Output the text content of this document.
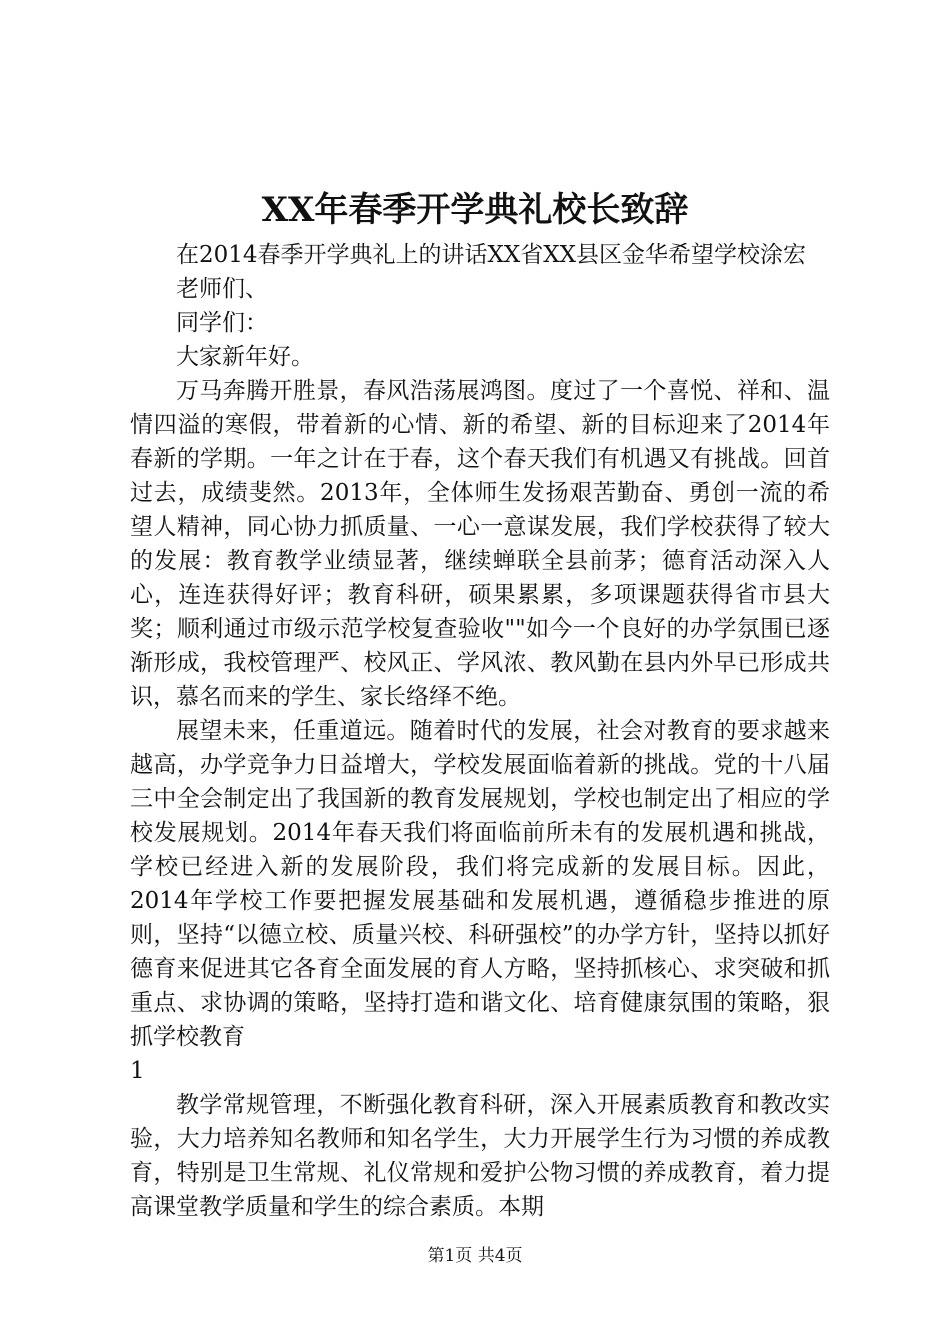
XX年春季开学典礼校长致辞

在2014春季开学典礼上的讲话XX省XX县区金华希望学校涂宏

老师们、

同学们：

大家新年好。

万马奔腾开胜景，春风浩荡展鸿图。度过了一个喜悦、祥和、温情四溢的寒假，带着新的心情、新的希望、新的目标迎来了2014年春新的学期。一年之计在于春，这个春天我们有机遇又有挑战。回首过去，成绩斐然。2013年，全体师生发扬艰苦勤奋、勇创一流的希望人精神，同心协力抓质量、一心一意谋发展，我们学校获得了较大的发展：教育教学业绩显著，继续蝉联全县前茅；德育活动深入人心，连连获得好评；教育科研，硕果累累，多项课题获得省市县大奖；顺利通过市级示范学校复查验收""如今一个良好的办学氛围已逐渐形成，我校管理严、校风正、学风浓、教风勤在县内外早已形成共识，慕名而来的学生、家长络绎不绝。

展望未来，任重道远。随着时代的发展，社会对教育的要求越来越高，办学竞争力日益增大，学校发展面临着新的挑战。党的十八届三中全会制定出了我国新的教育发展规划，学校也制定出了相应的学校发展规划。2014年春天我们将面临前所未有的发展机遇和挑战，学校已经进入新的发展阶段，我们将完成新的发展目标。因此，2014年学校工作要把握发展基础和发展机遇，遵循稳步推进的原则，坚持“以德立校、质量兴校、科研强校”的办学方针，坚持以抓好德育来促进其它各育全面发展的育人方略，坚持抓核心、求突破和抓重点、求协调的策略，坚持打造和谐文化、培育健康氛围的策略，狠抓学校教育

1

教学常规管理，不断强化教育科研，深入开展素质教育和教改实验，大力培养知名教师和知名学生，大力开展学生行为习惯的养成教育，特别是卫生常规、礼仪常规和爱护公物习惯的养成教育，着力提高课堂教学质量和学生的综合素质。本期

第1页 共4页
